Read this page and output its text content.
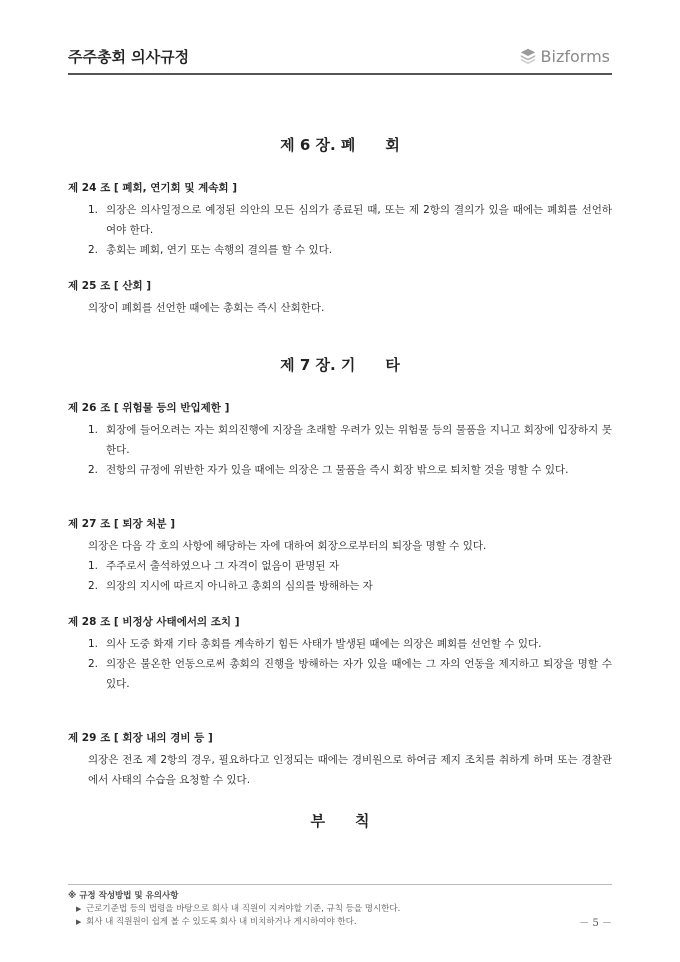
주주총회 의사규정	Bizforms
제 6 장. 폐　　회
제 24 조 [ 폐회, 연기회 및 계속회 ]
1. 의장은 의사일정으로 예정된 의안의 모든 심의가 종료된 때, 또는 제 2항의 결의가 있을 때에는 폐회를 선언하여야 한다.
2. 총회는 폐회, 연기 또는 속행의 결의를 할 수 있다.
제 25 조 [ 산회 ]

의장이 폐회를 선언한 때에는 총회는 즉시 산회한다.

제 7 장. 기　　타
제 26 조 [ 위험물 등의 반입제한 ]
1. 회장에 들어오려는 자는 회의진행에 지장을 초래할 우려가 있는 위험물 등의 물품을 지니고 회장에 입장하지 못한다.
2. 전항의 규정에 위반한 자가 있을 때에는 의장은 그 물품을 즉시 회장 밖으로 퇴치할 것을 명할 수 있다.
제 27 조 [ 퇴장 처분 ]

의장은 다음 각 호의 사항에 해당하는 자에 대하여 회장으로부터의 퇴장을 명할 수 있다.

1. 주주로서 출석하였으나 그 자격이 없음이 판명된 자
2. 의장의 지시에 따르지 아니하고 총회의 심의를 방해하는 자
제 28 조 [ 비정상 사태에서의 조치 ]
1. 의사 도중 화재 기타 총회를 계속하기 힘든 사태가 발생된 때에는 의장은 폐회를 선언할 수 있다.
2. 의장은 불온한 언동으로써 총회의 진행을 방해하는 자가 있을 때에는 그 자의 언동을 제지하고 퇴장을 명할 수 있다.
제 29 조 [ 회장 내의 경비 등 ]

의장은 전조 제 2항의 경우, 필요하다고 인정되는 때에는 경비원으로 하여금 제지 조치를 취하게 하며 또는 경찰관에서 사태의 수습을 요청할 수 있다.

부　　칙
※ 규정 작성방법 및 유의사항
▶ 근로기준법 등의 법령을 바탕으로 회사 내 직원이 지켜야할 기준, 규칙 등을 명시한다.
▶ 회사 내 직원원이 쉽게 볼 수 있도록 회사 내 비치하거나 게시하여야 한다.	－ 5 －
